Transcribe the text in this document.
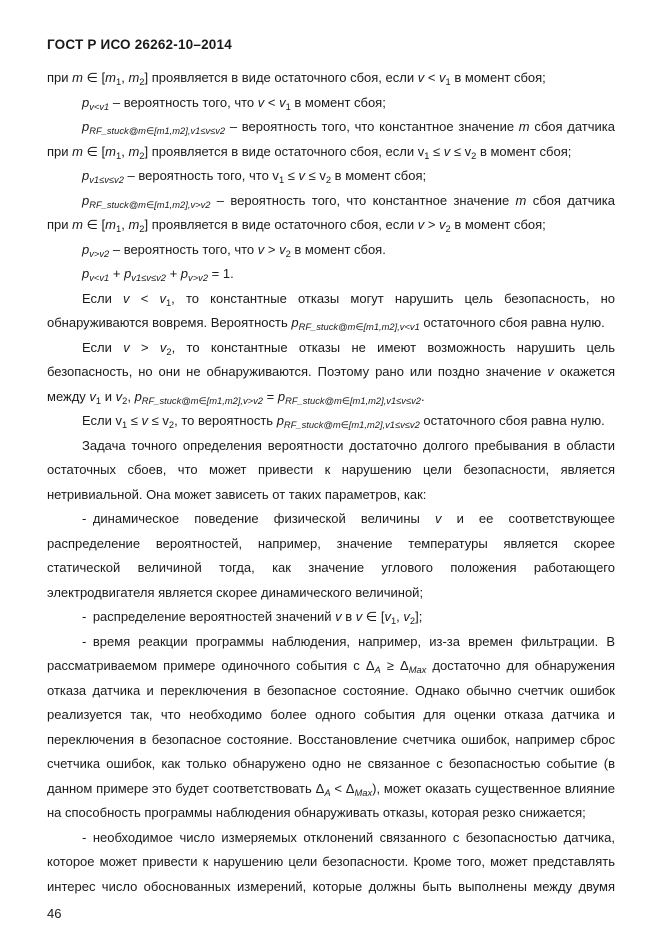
ГОСТ Р ИСО 26262-10–2014

при m ∈ [$m_1$, $m_2$] проявляется в виде остаточного сбоя, если $v < v_1$ в момент сбоя;

$p_{v<v1}$ – вероятность того, что $v < v_1$ в момент сбоя;

$p_{RF\_stuck@m\in[m1,m2],v1\le v\le v2}$ – вероятность того, что константное значение m сбоя датчика при m ∈ [$m_1$, $m_2$] проявляется в виде остаточного сбоя, если $v_1 \le v \le v_2$ в момент сбоя;

$p_{v1\le v\le v2}$ – вероятность того, что $v_1 \le v \le v_2$ в момент сбоя;

$p_{RF\_stuck@m\in[m1,m2],v>v2}$ – вероятность того, что константное значение m сбоя датчика при m ∈ [$m_1$, $m_2$] проявляется в виде остаточного сбоя, если $v > v_2$ в момент сбоя;

$p_{v>v2}$ – вероятность того, что $v > v_2$ в момент сбоя.

$p_{v<v1} + p_{v1\le v\le v2} + p_{v>v2} = 1$.

Если $v < v_1$, то константные отказы могут нарушить цель безопасность, но обнаруживаются вовремя. Вероятность $p_{RF\_stuck@m\in[m1,m2],v<v1}$ остаточного сбоя равна нулю.

Если $v > v_2$, то константные отказы не имеют возможность нарушить цель безопасность, но они не обнаруживаются. Поэтому рано или поздно значение v окажется между $v_1$ и $v_2$, $p_{RF\_stuck@m\in[m1,m2],v>v2} = p_{RF\_stuck@m\in[m1,m2],v1\le v\le v2}$.

Если $v_1 \le v \le v_2$, то вероятность $p_{RF\_stuck@m\in[m1,m2],v1\le v\le v2}$ остаточного сбоя равна нулю.

Задача точного определения вероятности достаточно долгого пребывания в области остаточных сбоев, что может привести к нарушению цели безопасности, является нетривиальной. Она может зависеть от таких параметров, как:

- динамическое поведение физической величины v и ее соответствующее распределение вероятностей, например, значение температуры является скорее статической величиной тогда, как значение углового положения работающего электродвигателя является скорее динамического величиной;

- распределение вероятностей значений v в v ∈ [$v_1$, $v_2$];

- время реакции программы наблюдения, например, из-за времен фильтрации. В рассматриваемом примере одиночного события с $\Delta_A \ge \Delta_{Max}$ достаточно для обнаружения отказа датчика и переключения в безопасное состояние. Однако обычно счетчик ошибок реализуется так, что необходимо более одного события для оценки отказа датчика и переключения в безопасное состояние. Восстановление счетчика ошибок, например сброс счетчика ошибок, как только обнаружено одно не связанное с безопасностью событие (в данном примере это будет соответствовать $\Delta_A < \Delta_{Max}$), может оказать существенное влияние на способность программы наблюдения обнаруживать отказы, которая резко снижается;

- необходимое число измеряемых отклонений связанного с безопасностью датчика, которое может привести к нарушению цели безопасности. Кроме того, может представлять интерес число обоснованных измерений, которые должны быть выполнены между двумя

46
